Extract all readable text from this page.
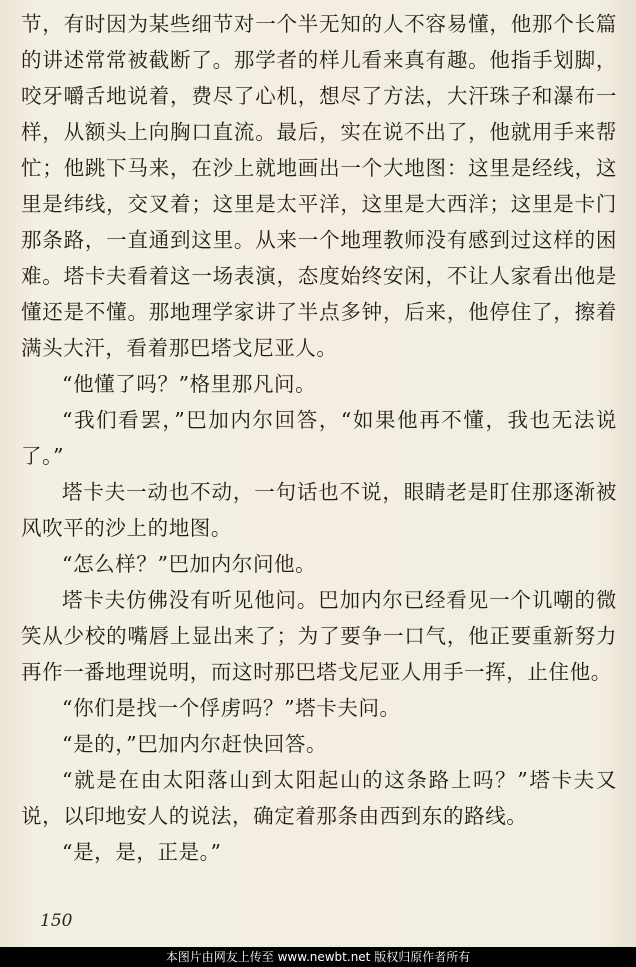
节，有时因为某些细节对一个半无知的人不容易懂，他那个长篇的讲述常常被截断了。那学者的样儿看来真有趣。他指手划脚，咬牙嚼舌地说着，费尽了心机，想尽了方法，大汗珠子和瀑布一样，从额头上向胸口直流。最后，实在说不出了，他就用手来帮忙；他跳下马来，在沙上就地画出一个大地图：这里是经线，这里是纬线，交叉着；这里是太平洋，这里是大西洋；这里是卡门那条路，一直通到这里。从来一个地理教师没有感到过这样的困难。塔卡夫看着这一场表演，态度始终安闲，不让人家看出他是懂还是不懂。那地理学家讲了半点多钟，后来，他停住了，擦着满头大汗，看着那巴塔戈尼亚人。

“他懂了吗？”格里那凡问。

“我们看罢，”巴加内尔回答，“如果他再不懂，我也无法说了。”

塔卡夫一动也不动，一句话也不说，眼睛老是盯住那逐渐被风吹平的沙上的地图。

“怎么样？”巴加内尔问他。

塔卡夫仿佛没有听见他问。巴加内尔已经看见一个讥嘲的微笑从少校的嘴唇上显出来了；为了要争一口气，他正要重新努力再作一番地理说明，而这时那巴塔戈尼亚人用手一挥，止住他。

“你们是找一个俘虏吗？”塔卡夫问。

“是的，”巴加内尔赶快回答。

“就是在由太阳落山到太阳起山的这条路上吗？”塔卡夫又说，以印地安人的说法，确定着那条由西到东的路线。

“是，是，正是。”

150
本图片由网友上传至 www.newbt.net 版权归原作者所有
